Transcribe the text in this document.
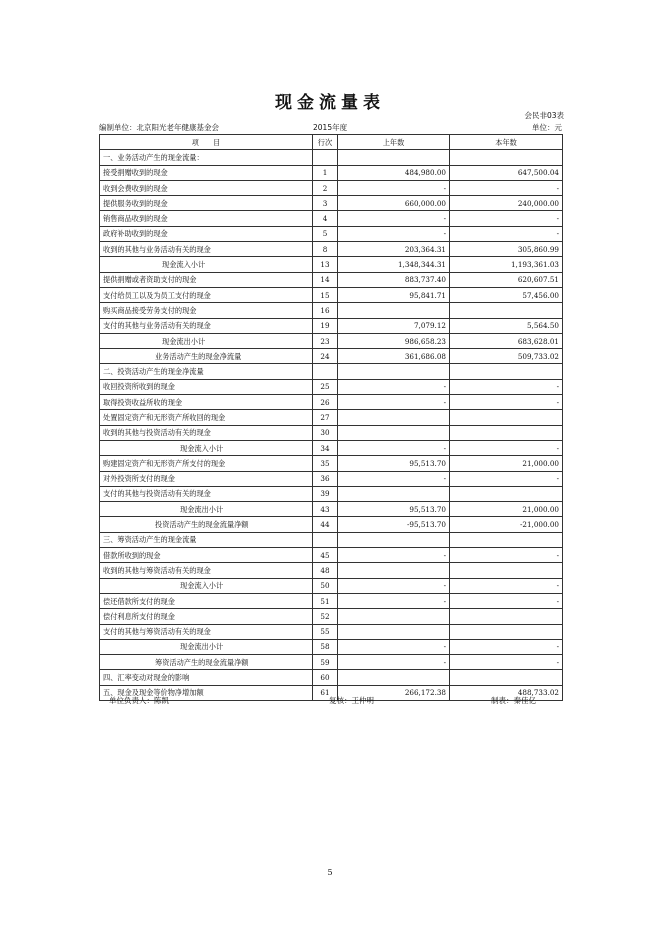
现金流量表
会民非03表
编制单位：北京阳光老年健康基金会	2015年度	单位：元
项　　目	行次	上年数	本年数
一、业务活动产生的现金流量：			
接受捐赠收到的现金	1	484,980.00	647,500.04
收到会费收到的现金	2	-	-
提供服务收到的现金	3	660,000.00	240,000.00
销售商品收到的现金	4	-	-
政府补助收到的现金	5	-	-
收到的其他与业务活动有关的现金	8	203,364.31	305,860.99
现金流入小计	13	1,348,344.31	1,193,361.03
提供捐赠或者资助支付的现金	14	883,737.40	620,607.51
支付给员工以及为员工支付的现金	15	95,841.71	57,456.00
购买商品接受劳务支付的现金	16		
支付的其他与业务活动有关的现金	19	7,079.12	5,564.50
现金流出小计	23	986,658.23	683,628.01
业务活动产生的现金净流量	24	361,686.08	509,733.02
二、投资活动产生的现金净流量			
收回投资所收到的现金	25	-	-
取得投资收益所收的现金	26	-	-
处置固定资产和无形资产所收回的现金	27		
收到的其他与投资活动有关的现金	30		
现金流入小计	34	-	-
购建固定资产和无形资产所支付的现金	35	95,513.70	21,000.00
对外投资所支付的现金	36	-	-
支付的其他与投资活动有关的现金	39		
现金流出小计	43	95,513.70	21,000.00
投资活动产生的现金流量净额	44	-95,513.70	-21,000.00
三、筹资活动产生的现金流量			
借款所收到的现金	45	-	-
收到的其他与筹资活动有关的现金	48		
现金流入小计	50	-	-
偿还借款所支付的现金	51	-	-
偿付利息所支付的现金	52		
支付的其他与筹资活动有关的现金	55		
现金流出小计	58	-	-
筹资活动产生的现金流量净额	59	-	-
四、汇率变动对现金的影响	60		
五、现金及现金等价物净增加额	61	266,172.38	488,733.02
单位负责人：陈凯	复核：王仲明	制表：秦佳亿
5
